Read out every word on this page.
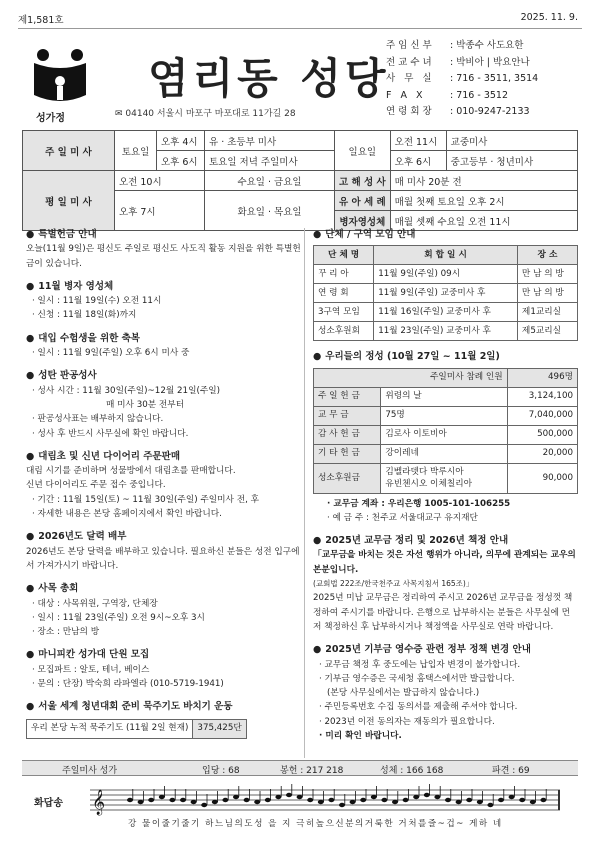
제1,581호	2025. 11. 9.
성가정
염리동 성당
✉ 04140 서울시 마포구 마포대로 11가길 28
주임신부 : 박종수 사도요한
전교수녀 : 박비아 | 박요안나
사 무 실 : 716 - 3511, 3514
F A X	: 716 - 3512
연령회장 : 010-9247-2133
주 일 미 사	토요일	오후 4시	유 · 초등부 미사	일요일	오전 11시	교중미사
		오후 6시	토요일 저녁 주일미사		오후 6시	중고등부 · 청년미사
평 일 미 사	오전 10시		수요일 · 금요일	고 해 성 사	매 미사 20분 전	
	오후 7시		화요일 · 목요일	유 아 세 례	매월 첫째 토요일 오후 2시	
				병자영성체	매월 셋째 수요일 오전 11시	
● 특별헌금 안내
오늘(11월 9일)은 평신도 주일로 평신도 사도직 활동 지원을 위한 특별헌금이 있습니다.
● 11월 병자 영성체
· 일시 : 11월 19일(수) 오전 11시
· 신청 : 11월 18일(화)까지
● 대입 수험생을 위한 축복
· 일시 : 11월 9일(주일) 오후 6시 미사 중
● 성탄 판공성사
· 성사 시간 : 11월 30일(주일)~12월 21일(주일)
매 미사 30분 전부터
· 판공성사표는 배부하지 않습니다.
· 성사 후 반드시 사무실에 확인 바랍니다.
● 대림초 및 신년 다이어리 주문판매
대림 시기를 준비하며 성물방에서 대림초를 판매합니다.
신년 다이어리도 주문 접수 중입니다.
· 기간 : 11월 15일(토) ~ 11월 30일(주일) 주일미사 전, 후
· 자세한 내용은 본당 홈페이지에서 확인 바랍니다.
● 2026년도 달력 배부
2026년도 본당 달력을 배부하고 있습니다. 필요하신 분들은 성전 입구에서 가져가시기 바랍니다.
● 사목 총회
· 대상 : 사목위원, 구역장, 단체장
· 일시 : 11월 23일(주일) 오전 9시~오후 3시
· 장소 : 만남의 방
● 마니피칸 성가대 단원 모집
· 모집파트 : 알토, 테너, 베이스
· 문의 : 단장) 박숙희 라파엘라 (010-5719-1941)
● 서울 세계 청년대회 준비 묵주기도 바치기 운동
우리 본당 누적 묵주기도 (11월 2일 현재)	375,425단
● 단체 / 구역 모임 안내
단 체 명	회 합 일 시	장 소
꾸 리 아	11월 9일(주일) 09시	만 남 의 방
연 령 회	11월 9일(주일) 교중미사 후	만 남 의 방
3구역 모임	11월 16일(주일) 교중미사 후	제1교리실
성소후원회	11월 23일(주일) 교중미사 후	제5교리실
● 우리들의 정성 (10월 27일 ~ 11월 2일)
주일미사 참례 인원		496명
주 일 헌 금	위령의 날	3,124,100
교 무 금	75명	7,040,000
감 사 헌 금	김로사 이토비아	500,000
기 타 헌 금	강이레네	20,000
성소후원금	김벨라뎃다 박루시아
유빈첸시오 이체칠리아	90,000
· 교무금 계좌 : 우리은행 1005-101-106255
· 예 금 주 : 천주교 서울대교구 유지재단
● 2025년 교무금 정리 및 2026년 책정 안내
「교무금을 바치는 것은 자선 행위가 아니라, 의무에 관계되는 교우의 본분입니다.
(교회법 222조/한국천주교 사목지침서 165조)」
2025년 미납 교무금은 정리하여 주시고 2026년 교무금을 정성껏 책정하여 주시기를 바랍니다. 은행으로 납부하시는 분들은 사무실에 먼저 책정하신 후 납부하시거나 책정액을 사무실로 연락 바랍니다.
● 2025년 기부금 영수증 관련 정부 정책 변경 안내
· 교무금 책정 후 중도에는 납입자 변경이 불가합니다.
· 기부금 영수증은 국세청 홈택스에서만 발급합니다.
(본당 사무실에서는 발급하지 않습니다.)
· 주민등록번호 수집 동의서를 제출해 주셔야 합니다.
· 2023년 이전 동의자는 재동의가 필요합니다.
· 미리 확인 바랍니다.
주일미사 성가	입당 : 68	봉헌 : 217 218	성체 : 166 168	파견 : 69
화답송 𝄞
강 물이줄기줄기 하느님의도성 을 지 극히높으신분의거룩한 거처를즐~겁~ 게하 네
